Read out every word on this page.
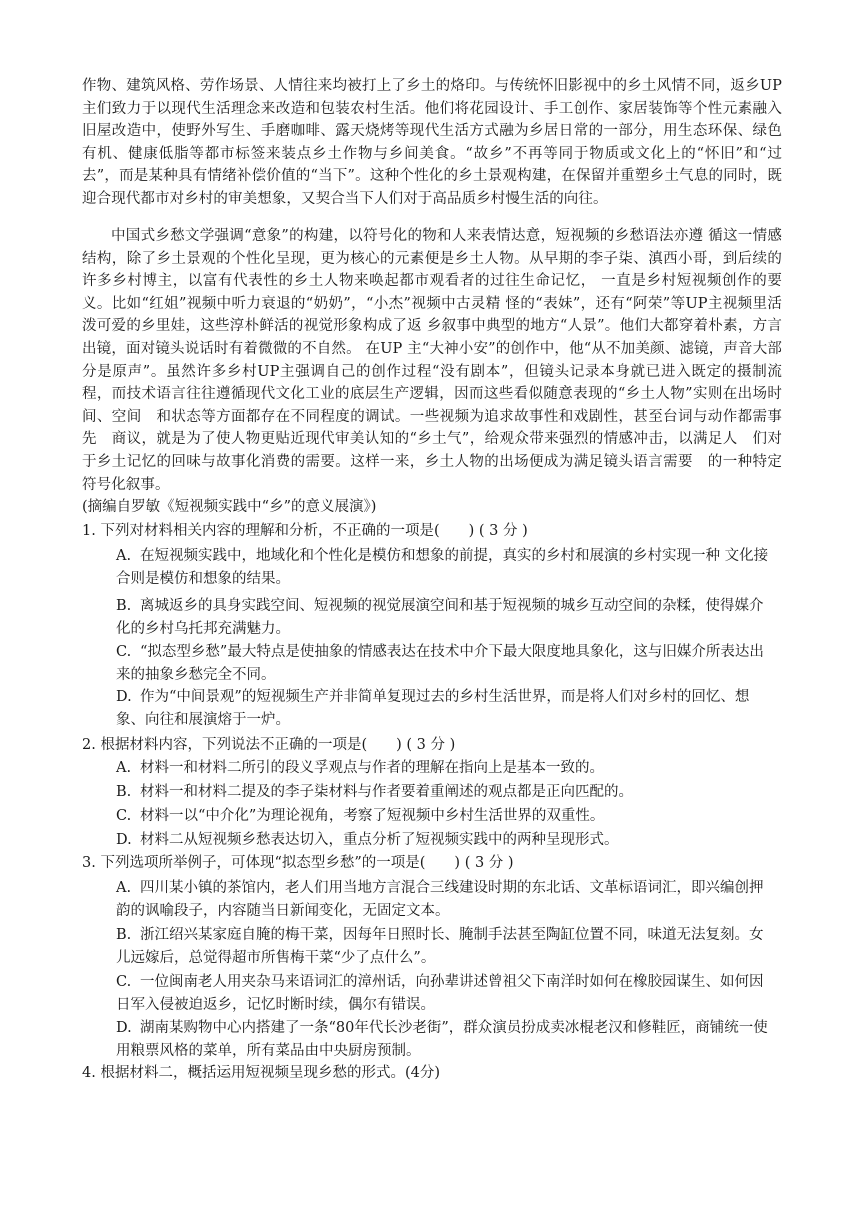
作物、建筑风格、劳作场景、人情往来均被打上了乡土的烙印。与传统怀旧影视中的乡土风情不同，返乡UP主们致力于以现代生活理念来改造和包装农村生活。他们将花园设计、手工创作、家居装饰等个性元素融入旧屋改造中，使野外写生、手磨咖啡、露天烧烤等现代生活方式融为乡居日常的一部分，用生态环保、绿色有机、健康低脂等都市标签来装点乡土作物与乡间美食。“故乡”不再等同于物质或文化上的“怀旧”和“过去”，而是某种具有情绪补偿价值的“当下”。这种个性化的乡土景观构建，在保留并重塑乡土气息的同时，既迎合现代都市对乡村的审美想象，又契合当下人们对于高品质乡村慢生活的向往。

中国式乡愁文学强调“意象”的构建，以符号化的物和人来表情达意，短视频的乡愁语法亦遵 循这一情感结构，除了乡土景观的个性化呈现，更为核心的元素便是乡土人物。从早期的李子柒、滇西小哥，到后续的许多乡村博主，以富有代表性的乡土人物来唤起都市观看者的过往生命记忆， 一直是乡村短视频创作的要义。比如“红姐”视频中听力衰退的“奶奶”，“小杰”视频中古灵精 怪的“表妹”，还有“阿荣”等UP主视频里活泼可爱的乡里娃，这些淳朴鲜活的视觉形象构成了返 乡叙事中典型的地方“人景”。他们大都穿着朴素，方言出镜，面对镜头说话时有着微微的不自然。 在UP 主“大神小安”的创作中，他“从不加美颜、滤镜，声音大部分是原声”。虽然许多乡村UP主强调自己的创作过程“没有剧本”，但镜头记录本身就已进入既定的摄制流程，而技术语言往往遵循现代文化工业的底层生产逻辑，因而这些看似随意表现的“乡土人物”实则在出场时间、空间　和状态等方面都存在不同程度的调试。一些视频为追求故事性和戏剧性，甚至台词与动作都需事先　商议，就是为了使人物更贴近现代审美认知的“乡土气”，给观众带来强烈的情感冲击，以满足人　们对于乡土记忆的回味与故事化消费的需要。这样一来，乡土人物的出场便成为满足镜头语言需要　的一种特定符号化叙事。

(摘编自罗敏《短视频实践中“乡”的意义展演》)
1. 下列对材料相关内容的理解和分析，不正确的一项是(　　) ( 3 分 )
A. 在短视频实践中，地域化和个性化是模仿和想象的前提，真实的乡村和展演的乡村实现一种 文化接合则是模仿和想象的结果。
B. 离城返乡的具身实践空间、短视频的视觉展演空间和基于短视频的城乡互动空间的杂糅，使得媒介化的乡村乌托邦充满魅力。
C. “拟态型乡愁”最大特点是使抽象的情感表达在技术中介下最大限度地具象化，这与旧媒介所表达出来的抽象乡愁完全不同。
D. 作为“中间景观”的短视频生产并非简单复现过去的乡村生活世界，而是将人们对乡村的回忆、想象、向往和展演熔于一炉。
2. 根据材料内容，下列说法不正确的一项是(　　) ( 3 分 )
A. 材料一和材料二所引的段义孚观点与作者的理解在指向上是基本一致的。
B. 材料一和材料二提及的李子柒材料与作者要着重阐述的观点都是正向匹配的。
C. 材料一以“中介化”为理论视角，考察了短视频中乡村生活世界的双重性。
D. 材料二从短视频乡愁表达切入，重点分析了短视频实践中的两种呈现形式。
3. 下列选项所举例子，可体现“拟态型乡愁”的一项是(　　) ( 3 分 )
A. 四川某小镇的茶馆内，老人们用当地方言混合三线建设时期的东北话、文革标语词汇，即兴编创押韵的讽喻段子，内容随当日新闻变化，无固定文本。
B. 浙江绍兴某家庭自腌的梅干菜，因每年日照时长、腌制手法甚至陶缸位置不同，味道无法复刻。女儿远嫁后，总觉得超市所售梅干菜“少了点什么”。
C. 一位闽南老人用夹杂马来语词汇的漳州话，向孙辈讲述曾祖父下南洋时如何在橡胶园谋生、如何因日军入侵被迫返乡，记忆时断时续，偶尔有错误。
D. 湖南某购物中心内搭建了一条“80年代长沙老街”，群众演员扮成卖冰棍老汉和修鞋匠，商铺统一使用粮票风格的菜单，所有菜品由中央厨房预制。
4. 根据材料二，概括运用短视频呈现乡愁的形式。(4分)
